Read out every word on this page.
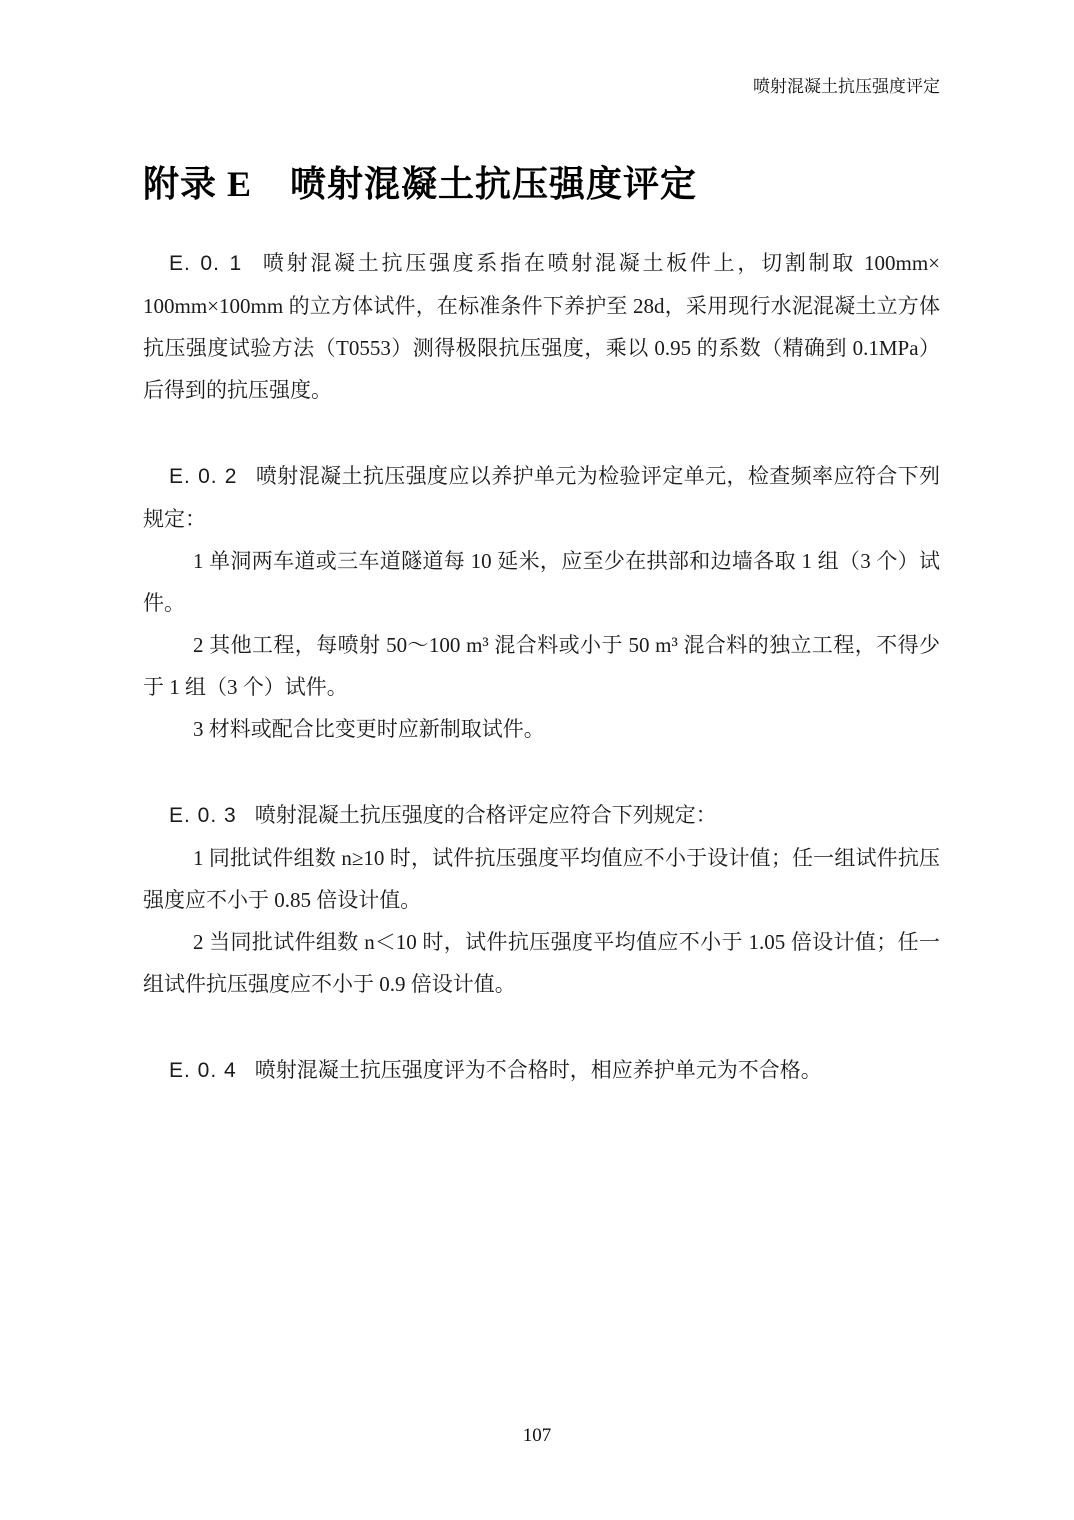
喷射混凝土抗压强度评定
附录 E 喷射混凝土抗压强度评定

E. 0. 1 喷射混凝土抗压强度系指在喷射混凝土板件上，切割制取 100mm×​100mm×100mm 的立方体试件，在标准条件下养护至 28d，采用现行水泥混凝土立方体抗压强度试验方法（T0553）测得极限抗压强度，乘以 0.95 的系数（精确到 0.1MPa）后得到的抗压强度。

E. 0. 2 喷射混凝土抗压强度应以养护单元为检验评定单元，检查频率应符合下列规定：

1 单洞两车道或三车道隧道每 10 延米，应至少在拱部和边墙各取 1 组（3 个）试件。

2 其他工程，每喷射 50～100 m³ 混合料或小于 50 m³ 混合料的独立工程，不得少于 1 组（3 个）试件。

3 材料或配合比变更时应新制取试件。

E. 0. 3 喷射混凝土抗压强度的合格评定应符合下列规定：

1 同批试件组数 n≥10 时，试件抗压强度平均值应不小于设计值；任一组试件抗压强度应不小于 0.85 倍设计值。

2 当同批试件组数 n＜10 时，试件抗压强度平均值应不小于 1.05 倍设计值；任一组试件抗压强度应不小于 0.9 倍设计值。

E. 0. 4 喷射混凝土抗压强度评为不合格时，相应养护单元为不合格。

107
